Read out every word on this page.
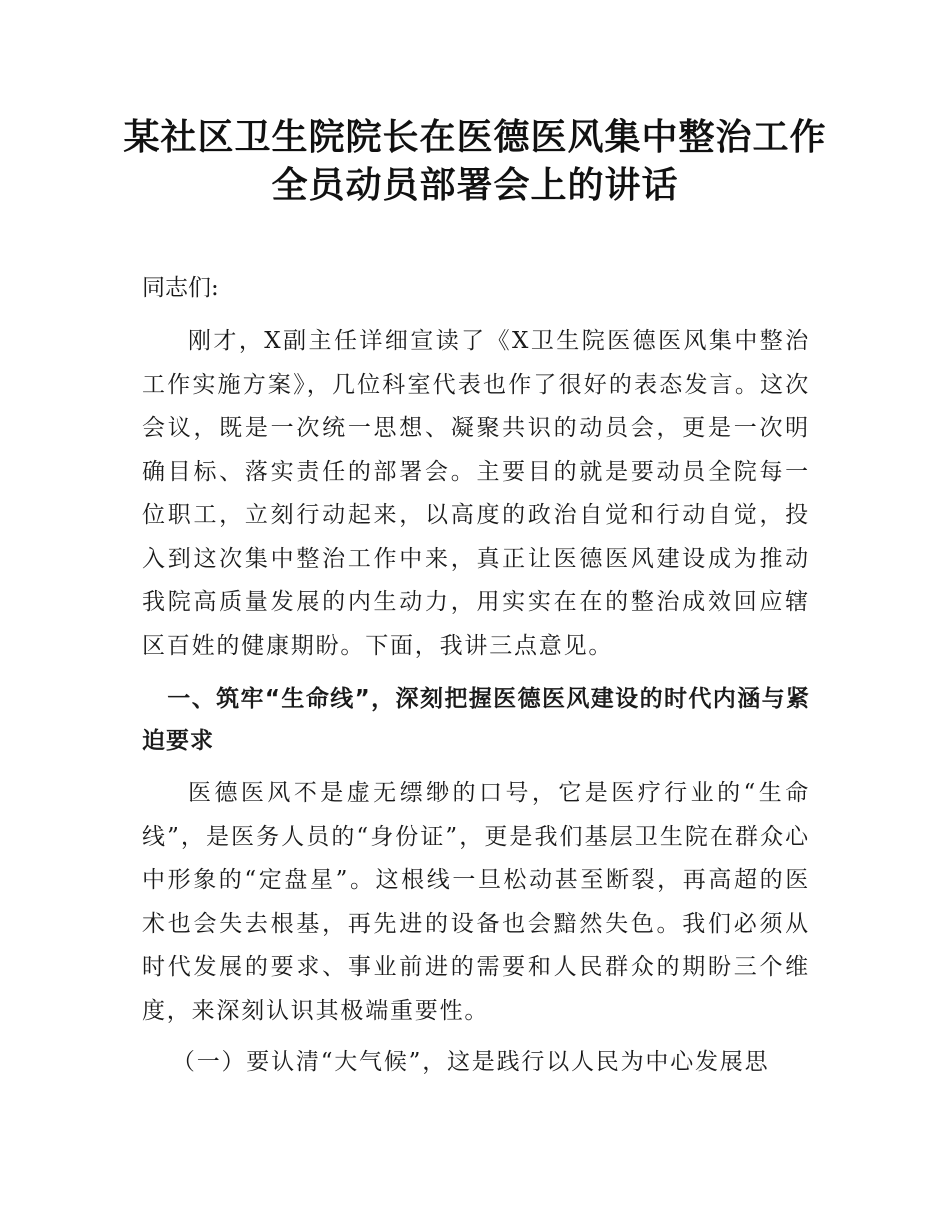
某社区卫生院院长在医德医风集中整治工作
全员动员部署会上的讲话
同志们:

刚才，X副主任详细宣读了《X卫生院医德医风集中整治工作实施方案》，几位科室代表也作了很好的表态发言。这次会议，既是一次统一思想、凝聚共识的动员会，更是一次明确目标、落实责任的部署会。主要目的就是要动员全院每一位职工，立刻行动起来，以高度的政治自觉和行动自觉，投入到这次集中整治工作中来，真正让医德医风建设成为推动我院高质量发展的内生动力，用实实在在的整治成效回应辖区百姓的健康期盼。下面，我讲三点意见。

一、筑牢“生命线”，深刻把握医德医风建设的时代内涵与紧迫要求

医德医风不是虚无缥缈的口号，它是医疗行业的“生命线”，是医务人员的“身份证”，更是我们基层卫生院在群众心中形象的“定盘星”。这根线一旦松动甚至断裂，再高超的医术也会失去根基，再先进的设备也会黯然失色。我们必须从时代发展的要求、事业前进的需要和人民群众的期盼三个维度，来深刻认识其极端重要性。

（一）要认清“大气候”，这是践行以人民为中心发展思
